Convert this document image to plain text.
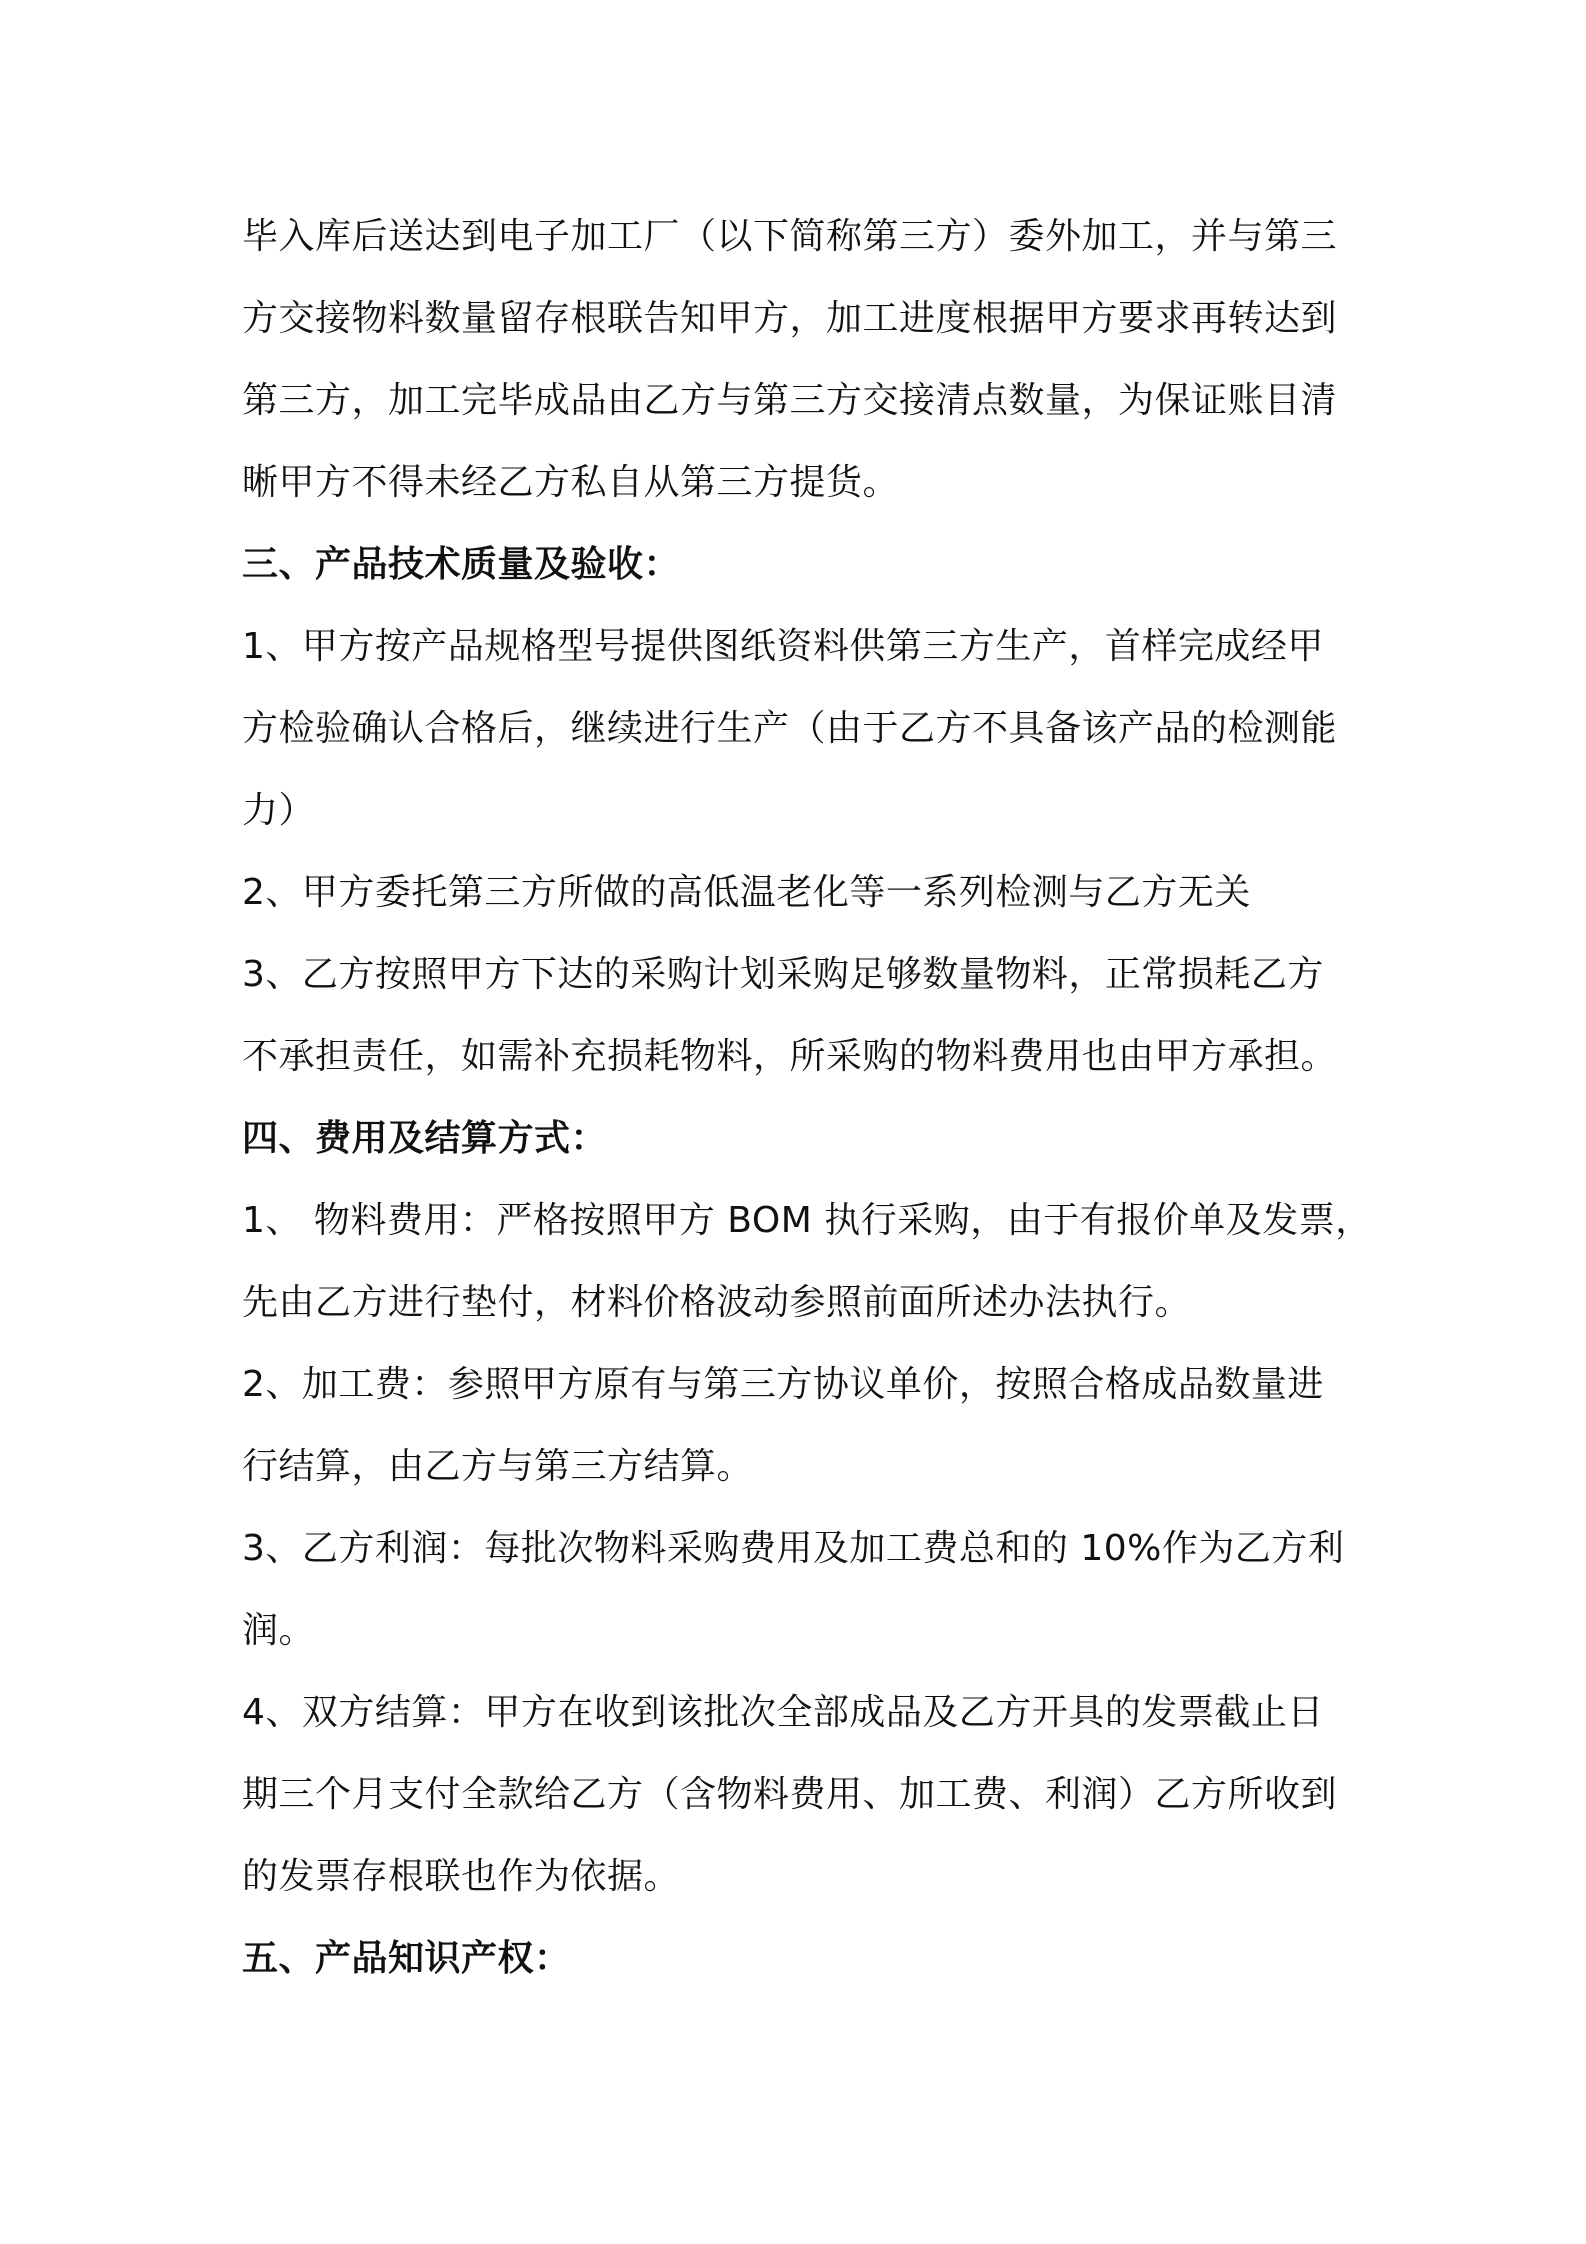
毕入库后送达到电子加工厂（以下简称第三方）委外加工，并与第三
方交接物料数量留存根联告知甲方，加工进度根据甲方要求再转达到
第三方，加工完毕成品由乙方与第三方交接清点数量，为保证账目清
晰甲方不得未经乙方私自从第三方提货。
三、产品技术质量及验收：
1、甲方按产品规格型号提供图纸资料供第三方生产，首样完成经甲
方检验确认合格后，继续进行生产（由于乙方不具备该产品的检测能
力）
2、甲方委托第三方所做的高低温老化等一系列检测与乙方无关
3、乙方按照甲方下达的采购计划采购足够数量物料，正常损耗乙方
不承担责任，如需补充损耗物料，所采购的物料费用也由甲方承担。
四、费用及结算方式：
1、 物料费用：严格按照甲方 BOM 执行采购，由于有报价单及发票，
先由乙方进行垫付，材料价格波动参照前面所述办法执行。
2、加工费：参照甲方原有与第三方协议单价，按照合格成品数量进
行结算，由乙方与第三方结算。
3、乙方利润：每批次物料采购费用及加工费总和的 10%作为乙方利
润。
4、双方结算：甲方在收到该批次全部成品及乙方开具的发票截止日
期三个月支付全款给乙方（含物料费用、加工费、利润）乙方所收到
的发票存根联也作为依据。
五、产品知识产权：
